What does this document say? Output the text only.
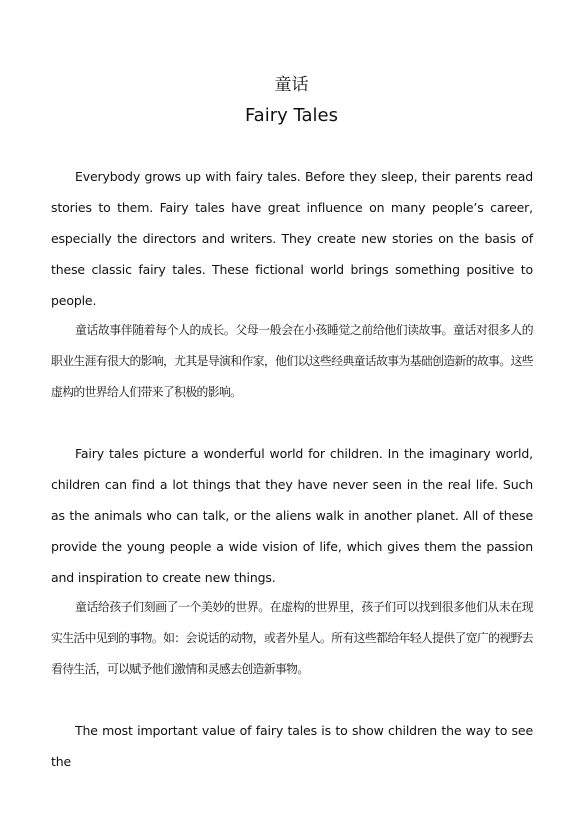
童话
Fairy Tales

Everybody grows up with fairy tales. Before they sleep, their parents read stories to them. Fairy tales have great influence on many people’s career, especially the directors and writers. They create new stories on the basis of these classic fairy tales. These fictional world brings something positive to people.

童话故事伴随着每个人的成长。父母一般会在小孩睡觉之前给他们读故事。童话对很多人的职业生涯有很大的影响，尤其是导演和作家，他们以这些经典童话故事为基础创造新的故事。这些虚构的世界给人们带来了积极的影响。

Fairy tales picture a wonderful world for children. In the imaginary world, children can find a lot things that they have never seen in the real life. Such as the animals who can talk, or the aliens walk in another planet. All of these provide the young people a wide vision of life, which gives them the passion and inspiration to create new things.

童话给孩子们刻画了一个美妙的世界。在虚构的世界里，孩子们可以找到很多他们从未在现实生活中见到的事物。如：会说话的动物，或者外星人。所有这些都给年轻人提供了宽广的视野去看待生活，可以赋予他们激情和灵感去创造新事物。

The most important value of fairy tales is to show children the way to see the
